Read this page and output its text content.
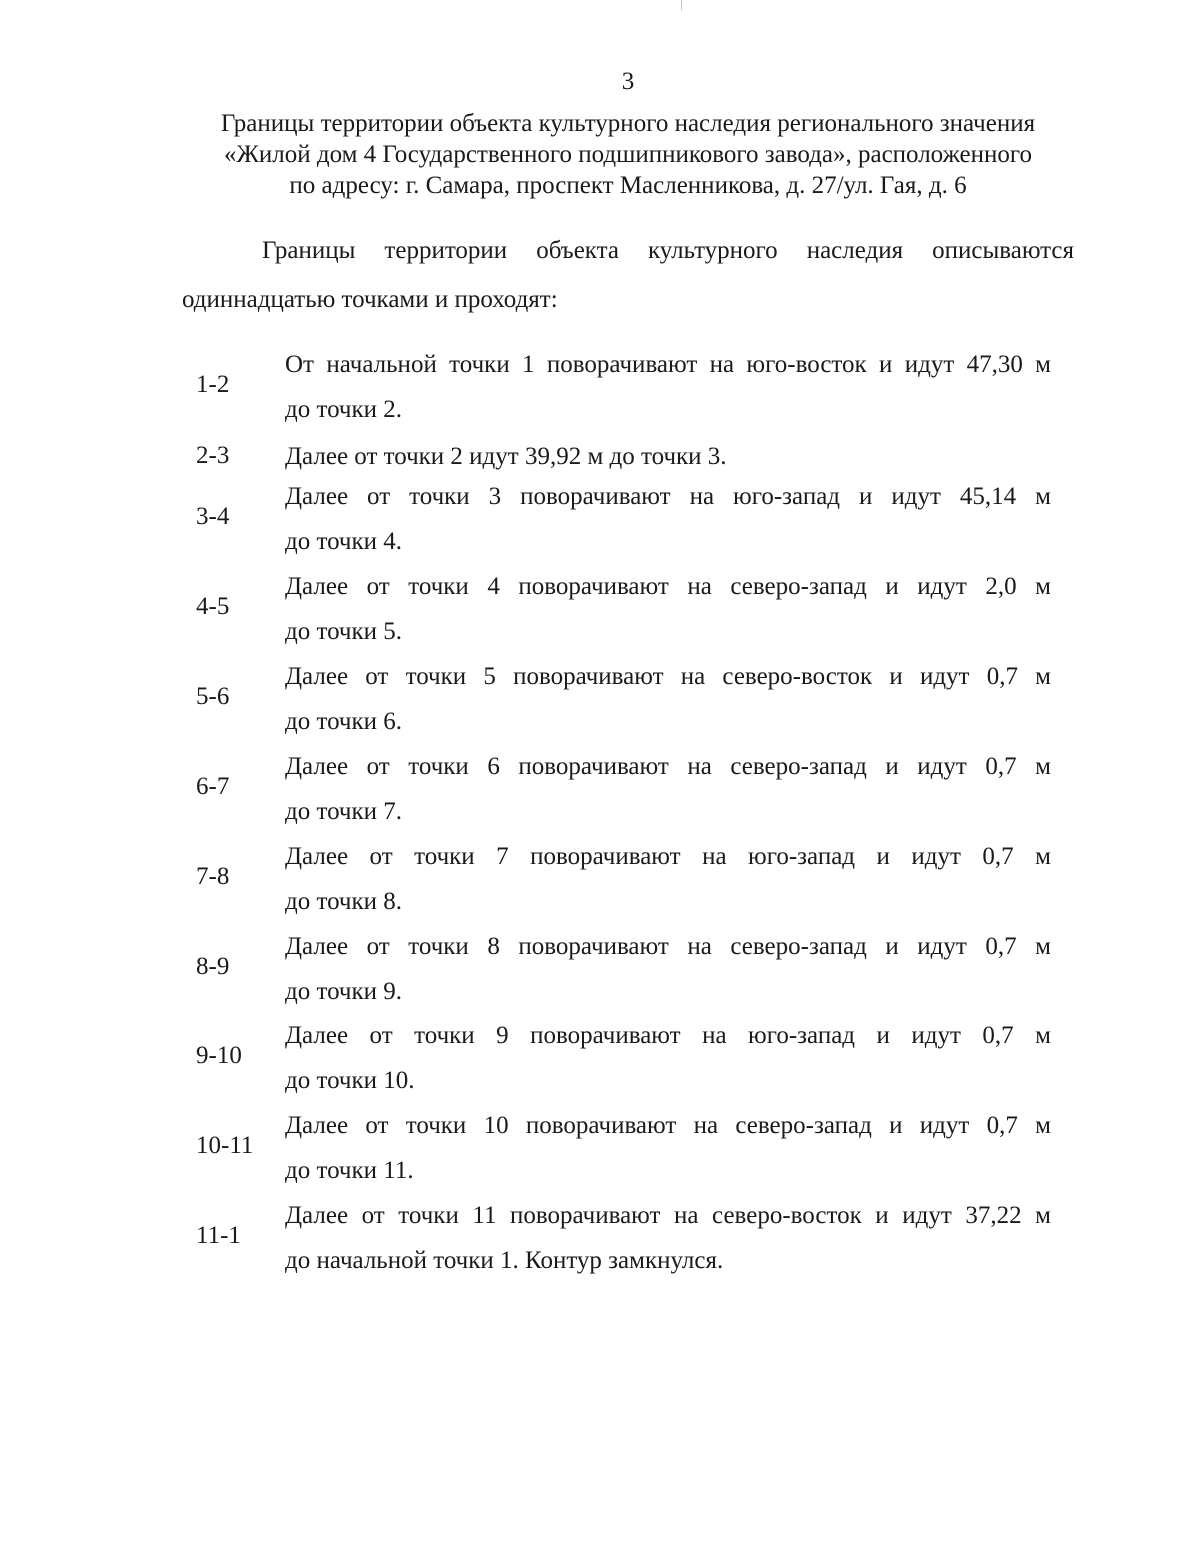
3
Границы территории объекта культурного наследия регионального значения
«Жилой дом 4 Государственного подшипникового завода», расположенного
по адресу: г. Самара, проспект Масленникова, д. 27/ул. Гая, д. 6
Границы территории объекта культурного наследия описываются
одиннадцатью точками и проходят:
1-2
От начальной точки 1 поворачивают на юго-восток и идут 47,30 м
до точки 2.
2-3	Далее от точки 2 идут 39,92 м до точки 3.
3-4
Далее от точки 3 поворачивают на юго-запад и идут 45,14 м
до точки 4.
4-5
Далее от точки 4 поворачивают на северо-запад и идут 2,0 м
до точки 5.
5-6
Далее от точки 5 поворачивают на северо-восток и идут 0,7 м
до точки 6.
6-7
Далее от точки 6 поворачивают на северо-запад и идут 0,7 м
до точки 7.
7-8
Далее от точки 7 поворачивают на юго-запад и идут 0,7 м
до точки 8.
8-9
Далее от точки 8 поворачивают на северо-запад и идут 0,7 м
до точки 9.
9-10
Далее от точки 9 поворачивают на юго-запад и идут 0,7 м
до точки 10.
10-11
Далее от точки 10 поворачивают на северо-запад и идут 0,7 м
до точки 11.
11-1
Далее от точки 11 поворачивают на северо-восток и идут 37,22 м
до начальной точки 1. Контур замкнулся.
